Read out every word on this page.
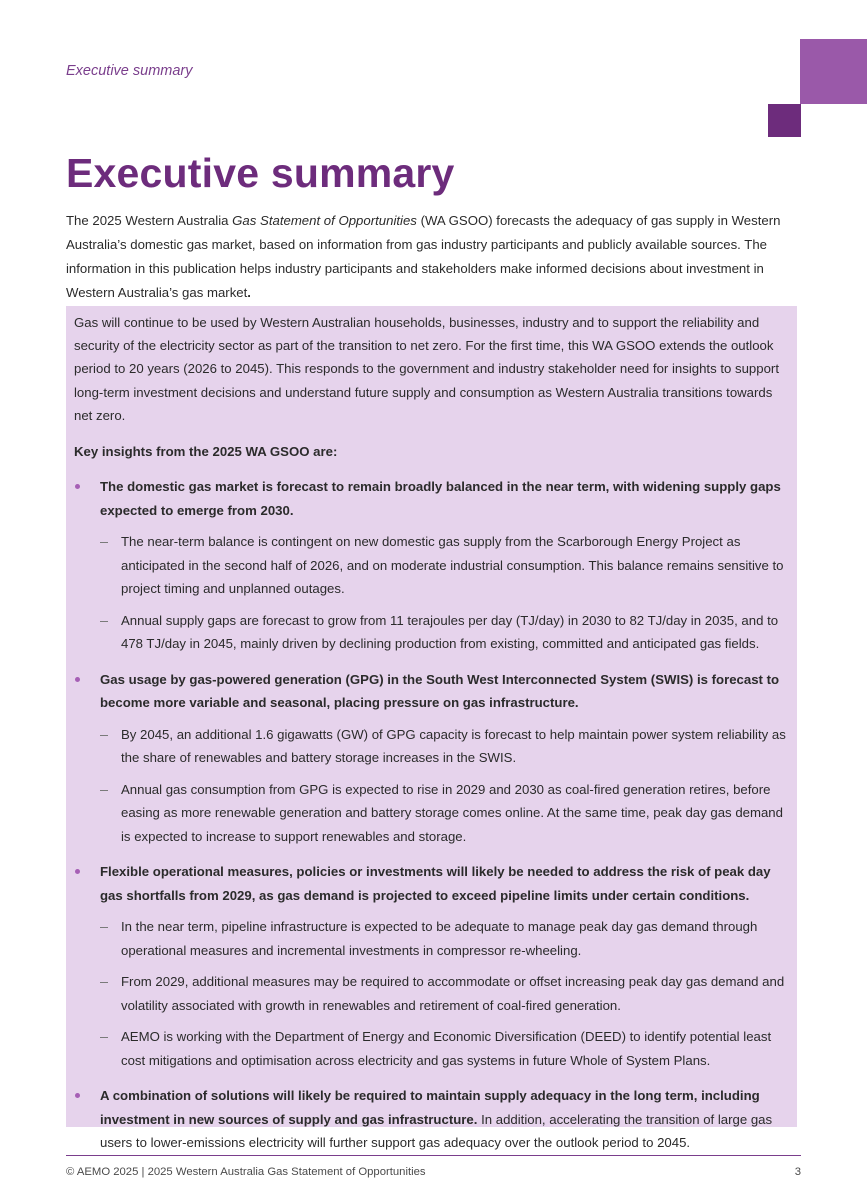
Executive summary
Executive summary

The 2025 Western Australia Gas Statement of Opportunities (WA GSOO) forecasts the adequacy of gas supply in Western Australia’s domestic gas market, based on information from gas industry participants and publicly available sources. The information in this publication helps industry participants and stakeholders make informed decisions about investment in Western Australia’s gas market.

Gas will continue to be used by Western Australian households, businesses, industry and to support the reliability and security of the electricity sector as part of the transition to net zero. For the first time, this WA GSOO extends the outlook period to 20 years (2026 to 2045). This responds to the government and industry stakeholder need for insights to support long-term investment decisions and understand future supply and consumption as Western Australia transitions towards net zero.

Key insights from the 2025 WA GSOO are:

The domestic gas market is forecast to remain broadly balanced in the near term, with widening supply gaps expected to emerge from 2030.
The near-term balance is contingent on new domestic gas supply from the Scarborough Energy Project as anticipated in the second half of 2026, and on moderate industrial consumption. This balance remains sensitive to project timing and unplanned outages.
Annual supply gaps are forecast to grow from 11 terajoules per day (TJ/day) in 2030 to 82 TJ/day in 2035, and to 478 TJ/day in 2045, mainly driven by declining production from existing, committed and anticipated gas fields.
Gas usage by gas-powered generation (GPG) in the South West Interconnected System (SWIS) is forecast to become more variable and seasonal, placing pressure on gas infrastructure.
By 2045, an additional 1.6 gigawatts (GW) of GPG capacity is forecast to help maintain power system reliability as the share of renewables and battery storage increases in the SWIS.
Annual gas consumption from GPG is expected to rise in 2029 and 2030 as coal-fired generation retires, before easing as more renewable generation and battery storage comes online. At the same time, peak day gas demand is expected to increase to support renewables and storage.
Flexible operational measures, policies or investments will likely be needed to address the risk of peak day gas shortfalls from 2029, as gas demand is projected to exceed pipeline limits under certain conditions.
In the near term, pipeline infrastructure is expected to be adequate to manage peak day gas demand through operational measures and incremental investments in compressor re-wheeling.
From 2029, additional measures may be required to accommodate or offset increasing peak day gas demand and volatility associated with growth in renewables and retirement of coal-fired generation.
AEMO is working with the Department of Energy and Economic Diversification (DEED) to identify potential least cost mitigations and optimisation across electricity and gas systems in future Whole of System Plans.
A combination of solutions will likely be required to maintain supply adequacy in the long term, including investment in new sources of supply and gas infrastructure. In addition, accelerating the transition of large gas users to lower-emissions electricity will further support gas adequacy over the outlook period to 2045.
© AEMO 2025 | 2025 Western Australia Gas Statement of Opportunities	3
